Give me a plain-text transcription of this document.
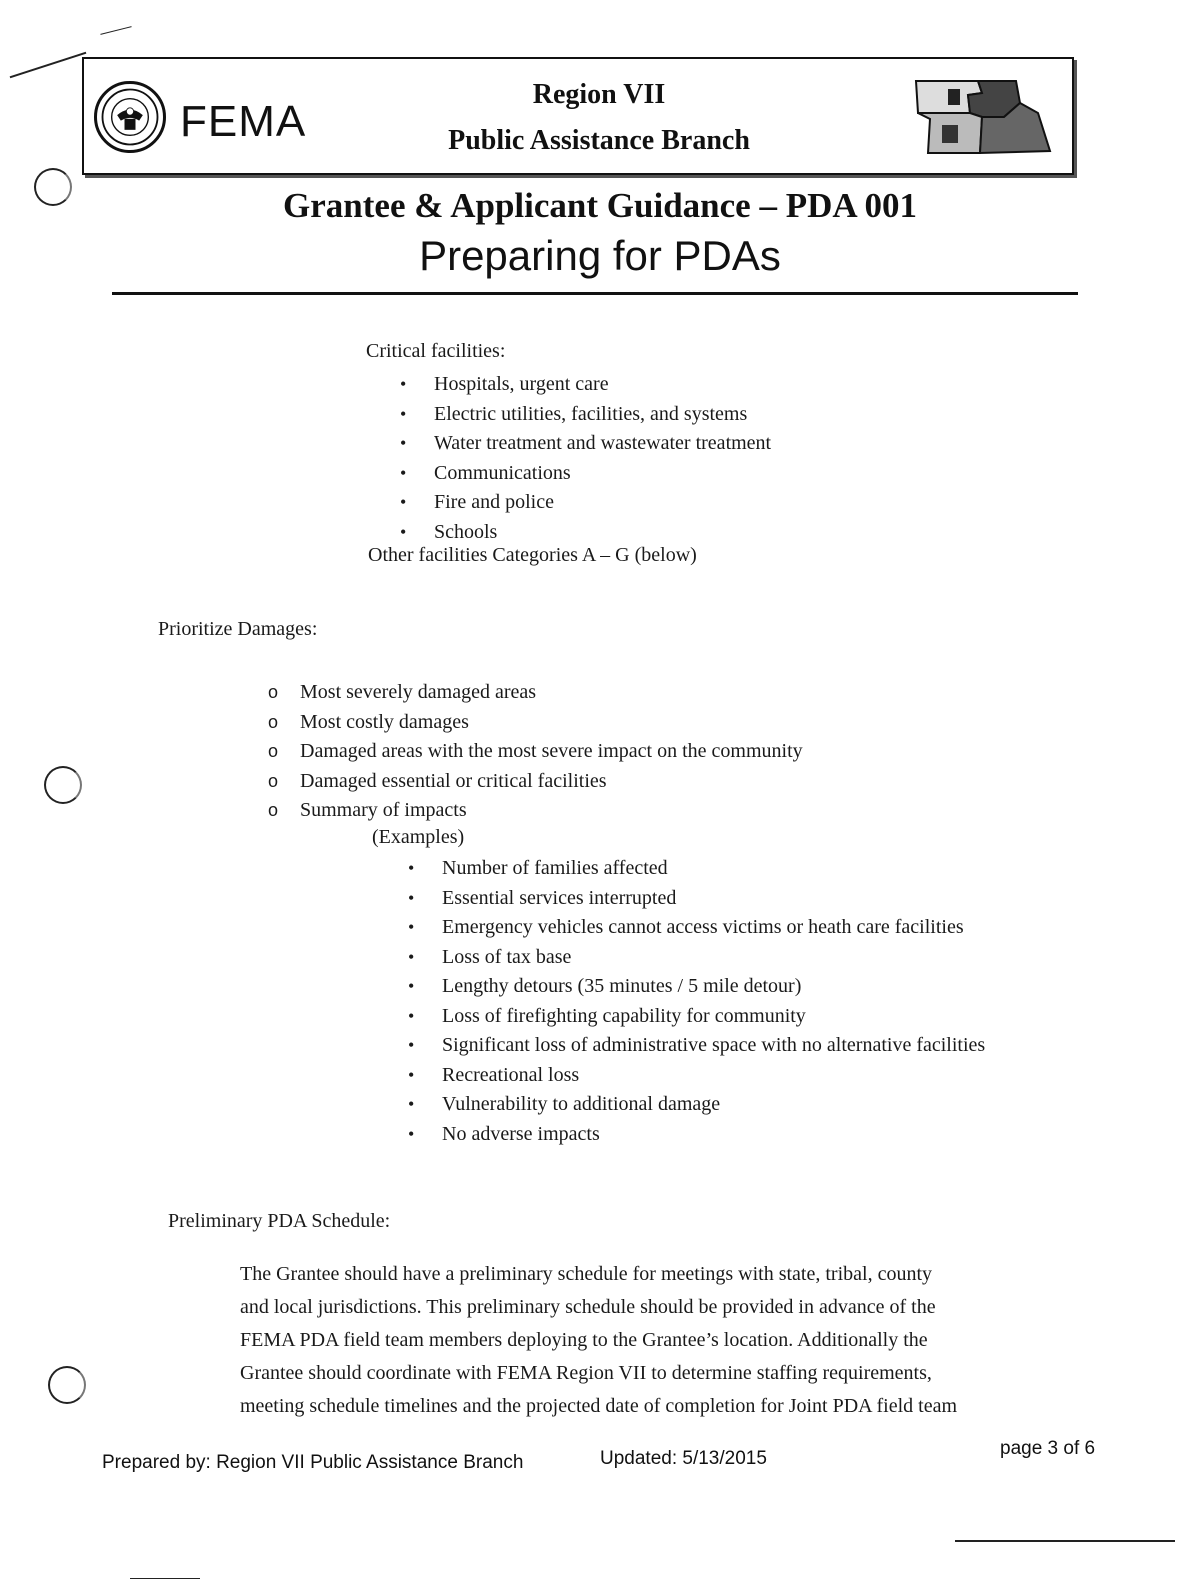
FEMA
Region VII
Public Assistance Branch
Grantee & Applicant Guidance – PDA 001
Preparing for PDAs
Critical facilities:
• Hospitals, urgent care
• Electric utilities, facilities, and systems
• Water treatment and wastewater treatment
• Communications
• Fire and police
• Schools
Other facilities Categories A – G (below)
Prioritize Damages:
o Most severely damaged areas
o Most costly damages
o Damaged areas with the most severe impact on the community
o Damaged essential or critical facilities
o Summary of impacts
(Examples)
• Number of families affected
• Essential services interrupted
• Emergency vehicles cannot access victims or heath care facilities
• Loss of tax base
• Lengthy detours (35 minutes / 5 mile detour)
• Loss of firefighting capability for community
• Significant loss of administrative space with no alternative facilities
• Recreational loss
• Vulnerability to additional damage
• No adverse impacts
Preliminary PDA Schedule:
The Grantee should have a preliminary schedule for meetings with state, tribal, county
and local jurisdictions. This preliminary schedule should be provided in advance of the
FEMA PDA field team members deploying to the Grantee’s location. Additionally the
Grantee should coordinate with FEMA Region VII to determine staffing requirements,
meeting schedule timelines and the projected date of completion for Joint PDA field team
Prepared by: Region VII Public Assistance Branch	Updated: 5/13/2015	page 3 of 6
